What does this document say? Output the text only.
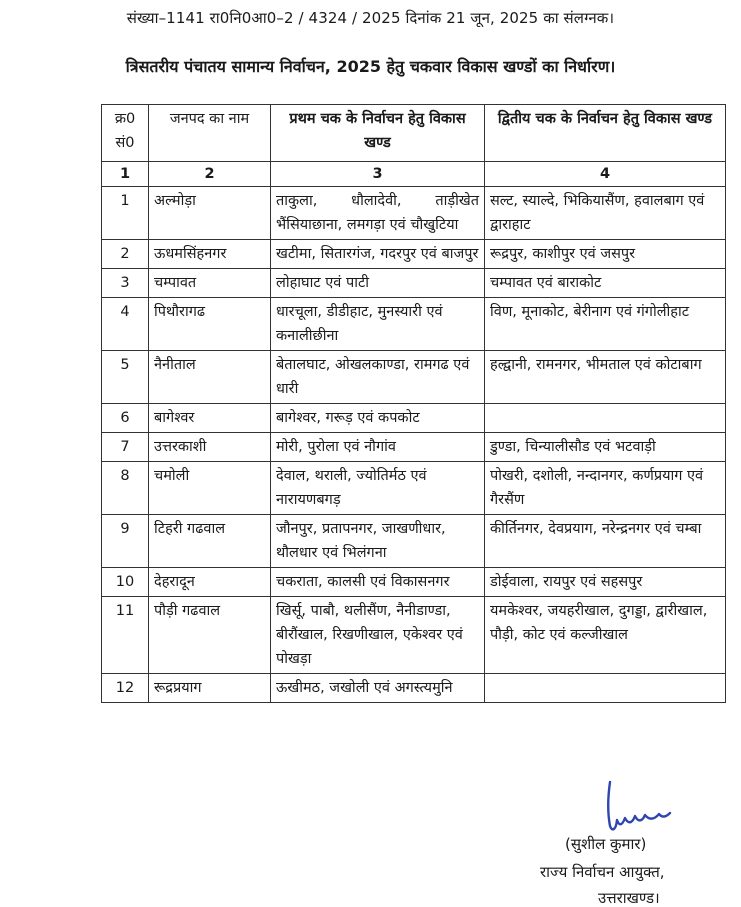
संख्या–1141 रा0नि0आ0–2 / 4324 / 2025 दिनांक 21 जून, 2025 का संलग्नक।
त्रिसतरीय पंचातय सामान्य निर्वाचन, 2025 हेतु चकवार विकास खण्डों का निर्धारण।
क्र0 सं0	जनपद का नाम	प्रथम चक के निर्वाचन हेतु विकास खण्ड	द्वितीय चक के निर्वाचन हेतु विकास खण्ड
1	2	3	4
1	अल्मोड़ा	ताकुला, धौलादेवी, ताड़ीखेत भैंसियाछाना, लमगड़ा एवं चौखुटिया	सल्ट, स्याल्दे, भिकियासैंण, हवालबाग एवं द्वाराहाट
2	ऊधमसिंहनगर	खटीमा, सितारगंज, गदरपुर एवं बाजपुर	रूद्रपुर, काशीपुर एवं जसपुर
3	चम्पावत	लोहाघाट एवं पाटी	चम्पावत एवं बाराकोट
4	पिथौरागढ	धारचूला, डीडीहाट, मुनस्यारी एवं कनालीछीना	विण, मूनाकोट, बेरीनाग एवं गंगोलीहाट
5	नैनीताल	बेतालघाट, ओखलकाण्डा, रामगढ एवं धारी	हल्द्वानी, रामनगर, भीमताल एवं कोटाबाग
6	बागेश्वर	बागेश्वर, गरूड़ एवं कपकोट	
7	उत्तरकाशी	मोरी, पुरोला एवं नौगांव	डुण्डा, चिन्यालीसौड एवं भटवाड़ी
8	चमोली	देवाल, थराली, ज्योतिर्मठ एवं नारायणबगड़	पोखरी, दशोली, नन्दानगर, कर्णप्रयाग एवं गैरसैंण
9	टिहरी गढवाल	जौनपुर, प्रतापनगर, जाखणीधार, थौलधार एवं भिलंगना	कीर्तिनगर, देवप्रयाग, नरेन्द्रनगर एवं चम्बा
10	देहरादून	चकराता, कालसी एवं विकासनगर	डोईवाला, रायपुर एवं सहसपुर
11	पौड़ी गढवाल	खिर्सू, पाबौ, थलीसैंण, नैनीडाण्डा, बीरौंखाल, रिखणीखाल, एकेश्वर एवं पोखड़ा	यमकेश्वर, जयहरीखाल, दुगड्डा, द्वारीखाल, पौड़ी, कोट एवं कल्जीखाल
12	रूद्रप्रयाग	ऊखीमठ, जखोली एवं अगस्त्यमुनि	
(सुशील कुमार)
राज्य निर्वाचन आयुक्त,
उत्तराखण्ड।
